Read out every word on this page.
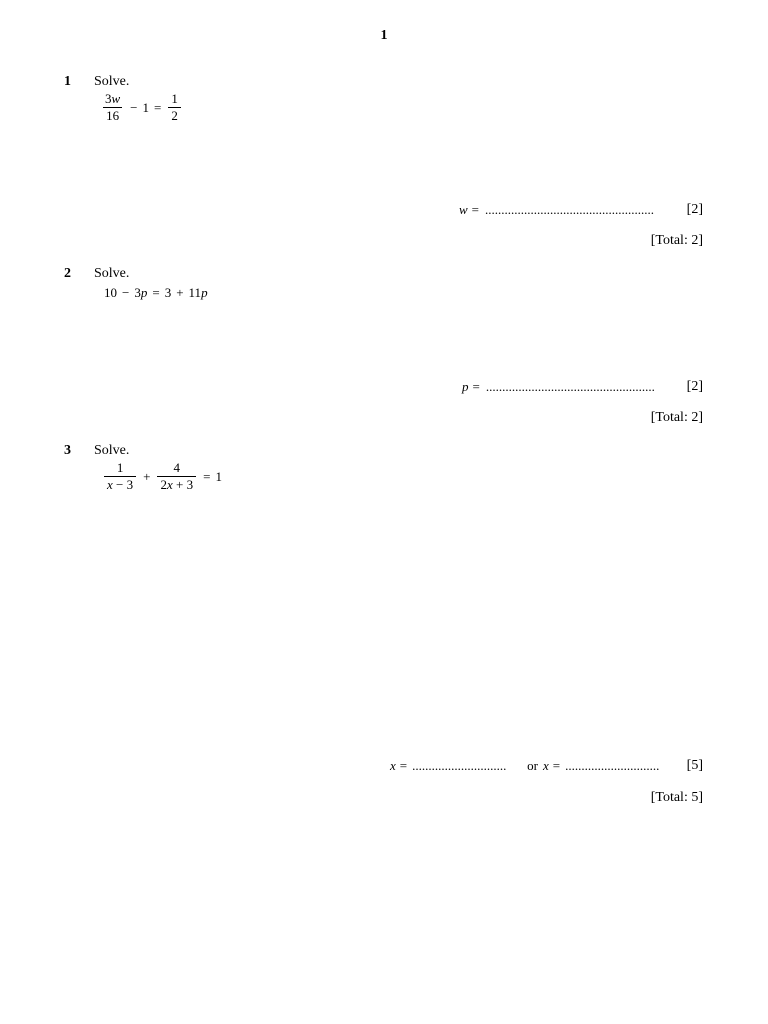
1
1 Solve.
$\frac{3w}{16} - 1 = \frac{1}{2}$
w = ....................................................	[2]
[Total: 2]
2 Solve.
10 − 3 p = 3 + 11 p
p = ....................................................	[2]
[Total: 2]
3 Solve.
$\frac{1}{x - 3} + \frac{4}{2x + 3} = 1$
x = .............................	or x = .............................	[5]
[Total: 5]
